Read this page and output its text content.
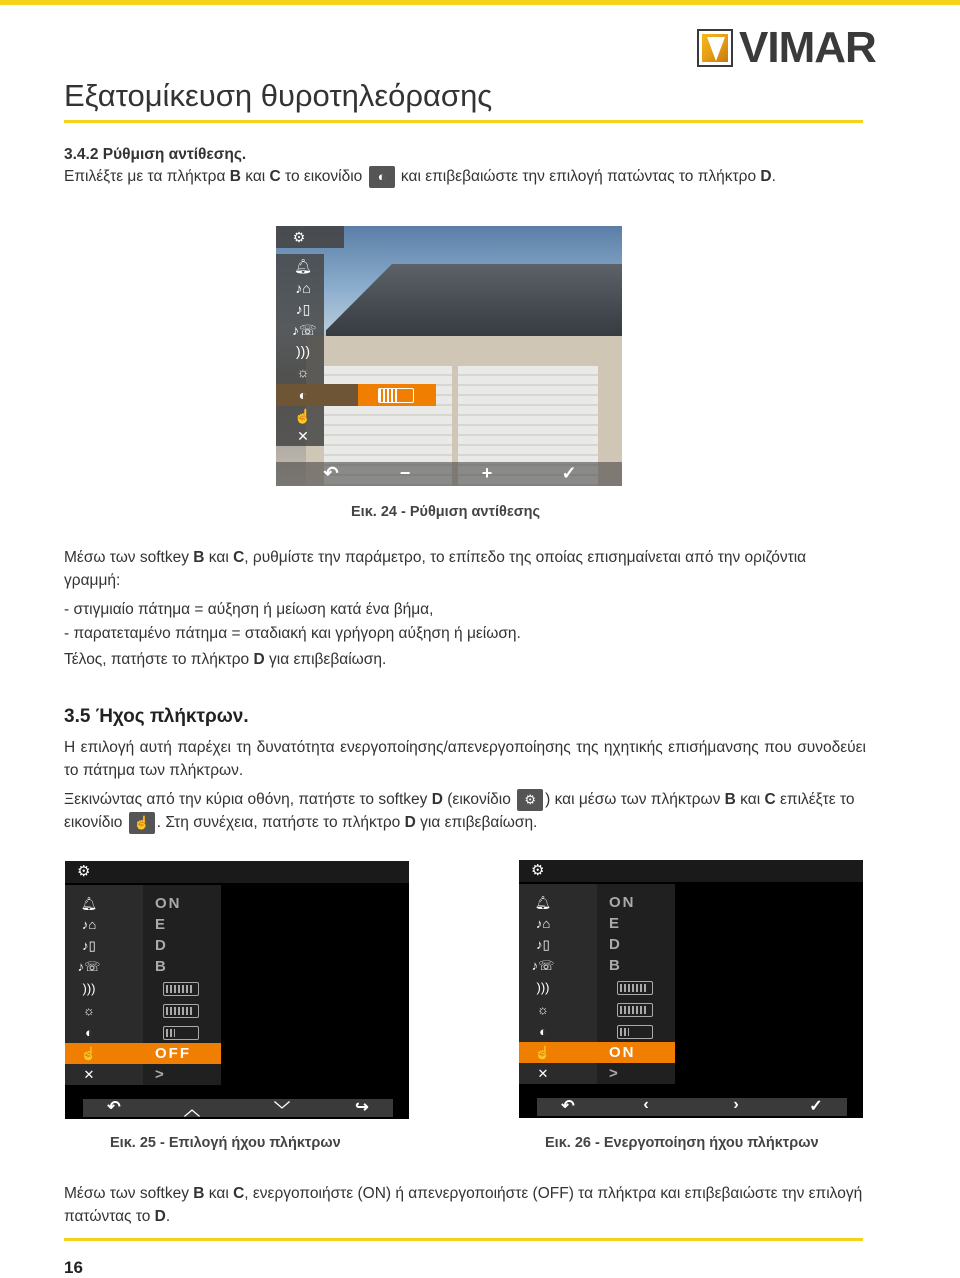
VIMAR
Εξατομίκευση θυροτηλεόρασης
3.4.2 Ρύθμιση αντίθεσης.
Επιλέξτε με τα πλήκτρα B και C το εικονίδιο ◐ και επιβεβαιώστε την επιλογή πατώντας το πλήκτρο D.
⚙
🔔︎
♪⌂
♪▯
♪☏
)))
☼
◐
☝
✕
↶	−	+	✓
Εικ. 24 - Ρύθμιση αντίθεσης
Μέσω των softkey B και C, ρυθμίστε την παράμετρο, το επίπεδο της οποίας επισημαίνεται από την οριζόντια γραμμή:
- στιγμιαίο πάτημα = αύξηση ή μείωση κατά ένα βήμα,
- παρατεταμένο πάτημα = σταδιακή και γρήγορη αύξηση ή μείωση.
Τέλος, πατήστε το πλήκτρο D για επιβεβαίωση.
3.5 Ήχος πλήκτρων.
Η επιλογή αυτή παρέχει τη δυνατότητα ενεργοποίησης/απενεργοποίησης της ηχητικής επισήμανσης που συνοδεύει το πάτημα των πλήκτρων.
Ξεκινώντας από την κύρια οθόνη, πατήστε το softkey D (εικονίδιο ⚙ ) και μέσω των πλήκτρων B και C επιλέξτε το εικονίδιο ☝ . Στη συνέχεια, πατήστε το πλήκτρο D για επιβεβαίωση.
⚙
🔔︎	ON
♪⌂	E
♪▯	D
♪☏	B
)))
☼
◐
☝	OFF
✕	>
↶	︿	﹀	↪
⚙
🔔︎	ON
♪⌂	E
♪▯	D
♪☏	B
)))
☼
◐
☝	ON
✕	>
↶	‹	›	✓
Εικ. 25 - Επιλογή ήχου πλήκτρων	Εικ. 26 - Ενεργοποίηση ήχου πλήκτρων
Μέσω των softkey B και C, ενεργοποιήστε (ON) ή απενεργοποιήστε (OFF) τα πλήκτρα και επιβεβαιώστε την επιλογή πατώντας το D.
16
